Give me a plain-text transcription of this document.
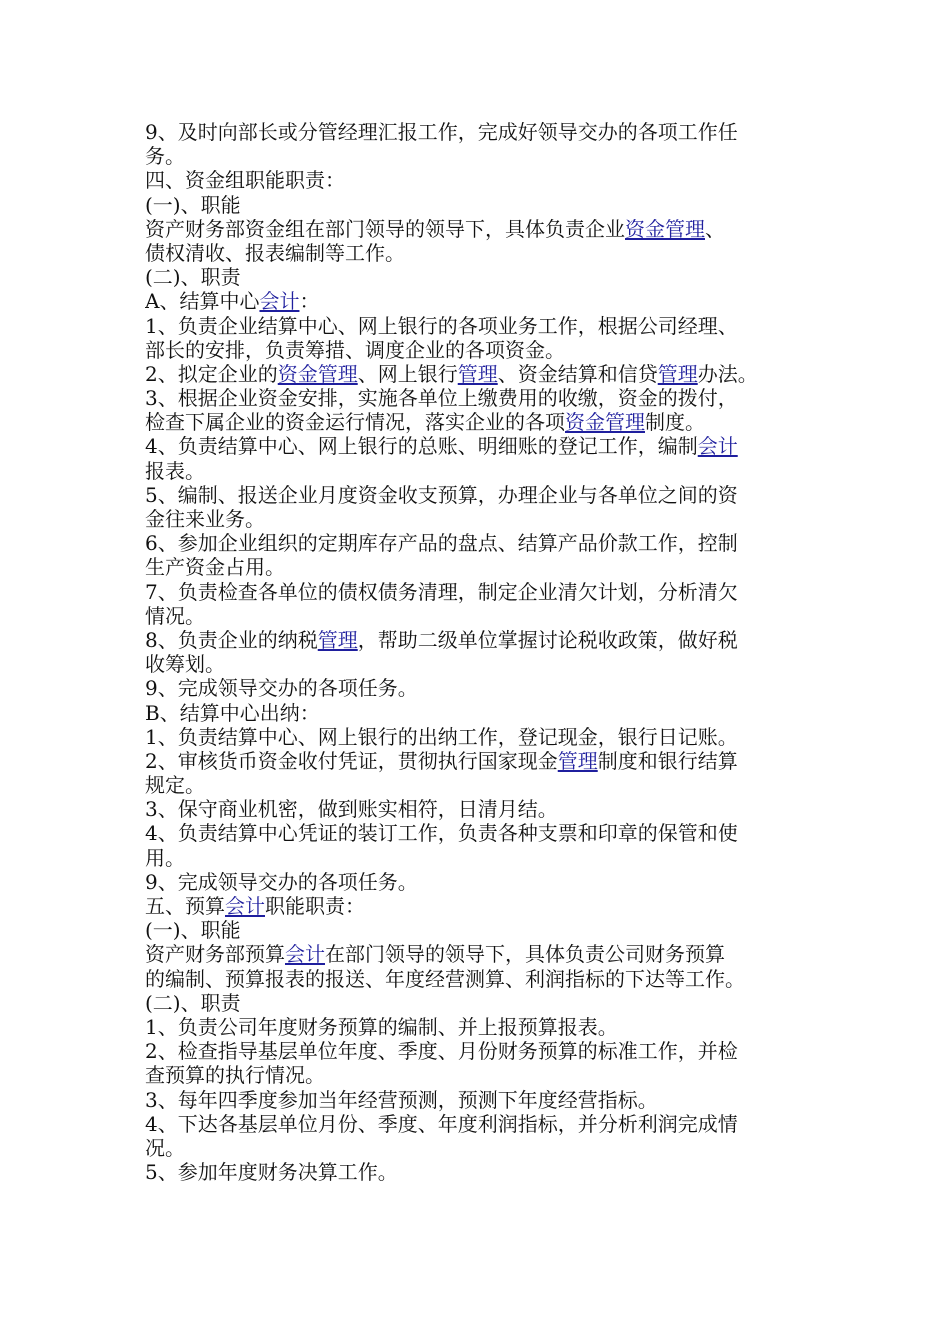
9、及时向部长或分管经理汇报工作，完成好领导交办的各项工作任
务。
四、资金组职能职责：
(一)、职能
资产财务部资金组在部门领导的领导下，具体负责企业资金管理、
债权清收、报表编制等工作。
(二)、职责
A、结算中心会计：
1、负责企业结算中心、网上银行的各项业务工作，根据公司经理、
部长的安排，负责筹措、调度企业的各项资金。
2、拟定企业的资金管理、网上银行管理、资金结算和信贷管理办法。
3、根据企业资金安排，实施各单位上缴费用的收缴，资金的拨付，
检查下属企业的资金运行情况，落实企业的各项资金管理制度。
4、负责结算中心、网上银行的总账、明细账的登记工作，编制会计
报表。
5、编制、报送企业月度资金收支预算，办理企业与各单位之间的资
金往来业务。
6、参加企业组织的定期库存产品的盘点、结算产品价款工作，控制
生产资金占用。
7、负责检查各单位的债权债务清理，制定企业清欠计划，分析清欠
情况。
8、负责企业的纳税管理，帮助二级单位掌握讨论税收政策，做好税
收筹划。
9、完成领导交办的各项任务。
B、结算中心出纳：
1、负责结算中心、网上银行的出纳工作，登记现金，银行日记账。
2、审核货币资金收付凭证，贯彻执行国家现金管理制度和银行结算
规定。
3、保守商业机密，做到账实相符，日清月结。
4、负责结算中心凭证的装订工作，负责各种支票和印章的保管和使
用。
9、完成领导交办的各项任务。
五、预算会计职能职责：
(一)、职能
资产财务部预算会计在部门领导的领导下，具体负责公司财务预算
的编制、预算报表的报送、年度经营测算、利润指标的下达等工作。
(二)、职责
1、负责公司年度财务预算的编制、并上报预算报表。
2、检查指导基层单位年度、季度、月份财务预算的标准工作，并检
查预算的执行情况。
3、每年四季度参加当年经营预测，预测下年度经营指标。
4、下达各基层单位月份、季度、年度利润指标，并分析利润完成情
况。
5、参加年度财务决算工作。
